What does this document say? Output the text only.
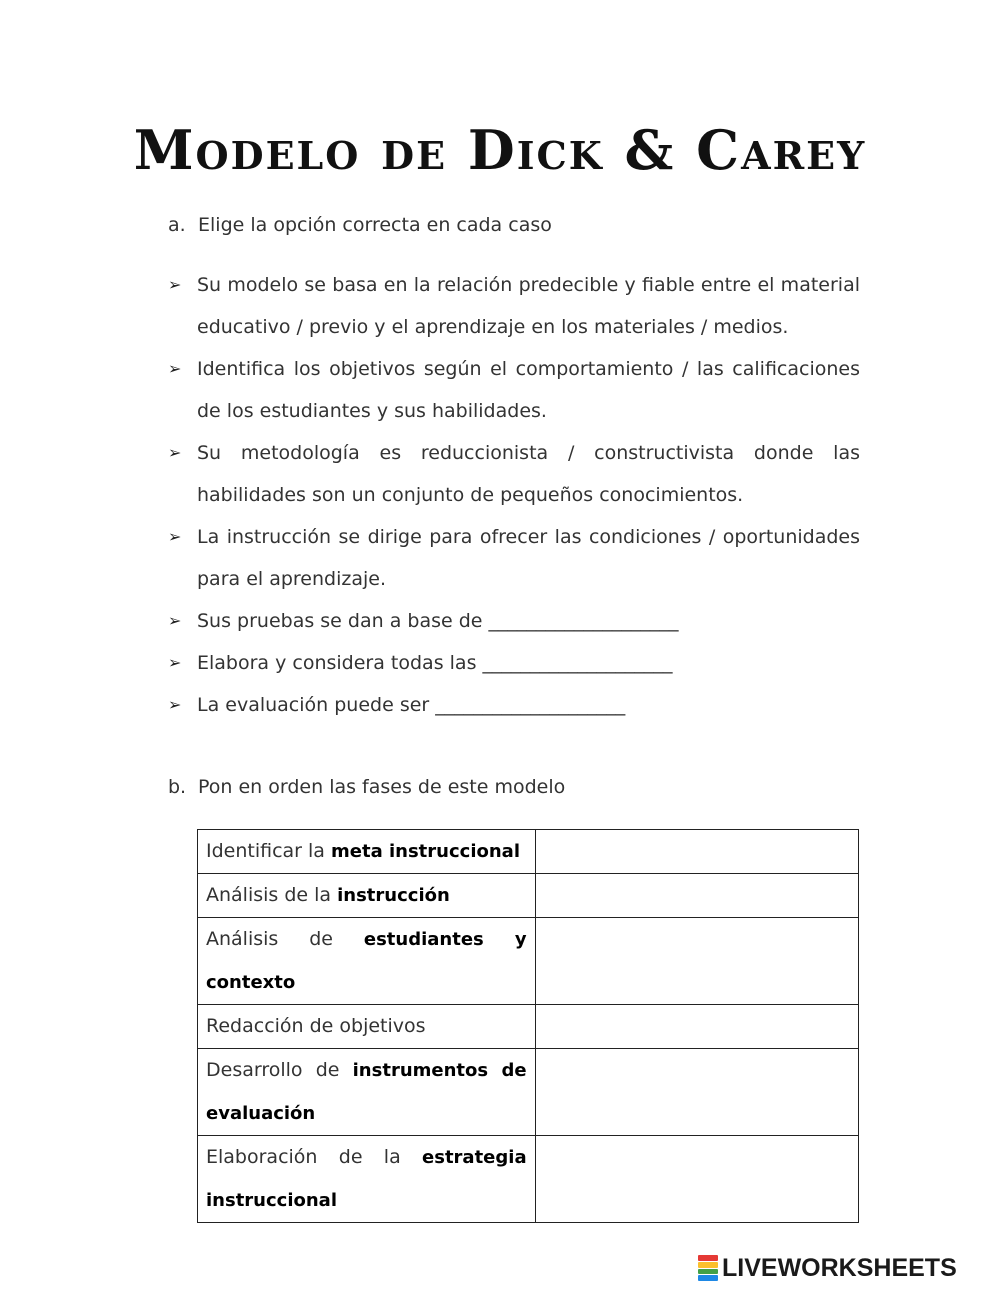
Modelo de Dick & Carey
a. Elige la opción correcta en cada caso
➢ Su modelo se basa en la relación predecible y fiable entre el material educativo / previo y el aprendizaje en los materiales / medios.
➢ Identifica los objetivos según el comportamiento / las calificaciones de los estudiantes y sus habilidades.
➢ Su metodología es reduccionista / constructivista donde las habilidades son un conjunto de pequeños conocimientos.
➢ La instrucción se dirige para ofrecer las condiciones / oportunidades para el aprendizaje.
➢ Sus pruebas se dan a base de ____________________
➢ Elabora y considera todas las ____________________
➢ La evaluación puede ser ____________________
b. Pon en orden las fases de este modelo
Identificar la meta instruccional	

Análisis de la instrucción	

Análisis de estudiantes y contexto	

Redacción de objetivos	

Desarrollo de instrumentos de evaluación	

Elaboración de la estrategia instruccional	

LIVEWORKSHEETS
